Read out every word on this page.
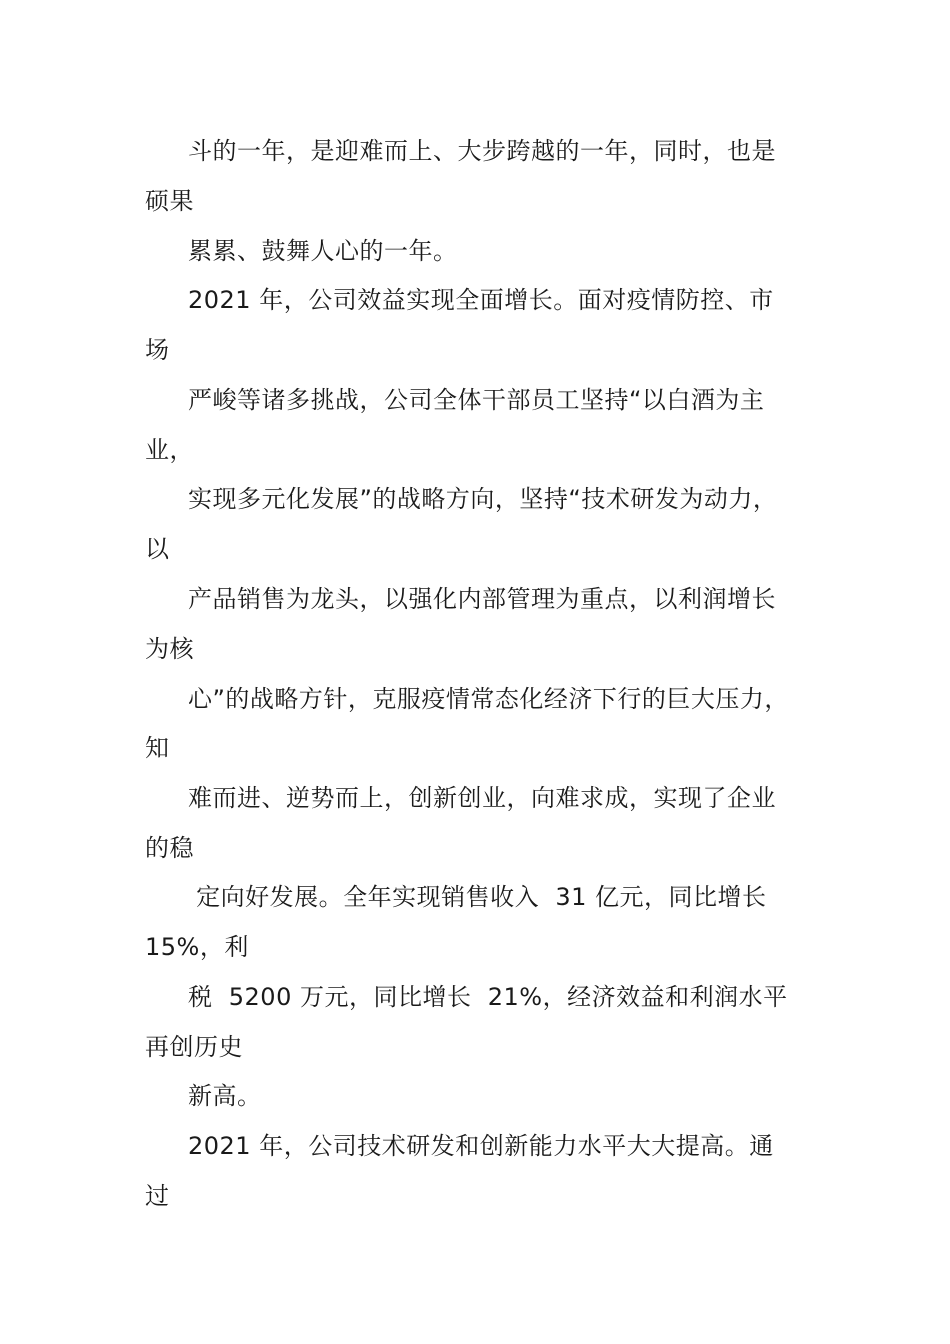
斗的一年，是迎难而上、大步跨越的一年，同时，也是
硕果
累累、鼓舞人心的一年。
2021 年，公司效益实现全面增长。面对疫情防控、市
场
严峻等诸多挑战，公司全体干部员工坚持“以白酒为主
业，
实现多元化发展”的战略方向，坚持“技术研发为动力，
以
产品销售为龙头，以强化内部管理为重点，以利润增长
为核
心”的战略方针，克服疫情常态化经济下行的巨大压力，
知
难而进、逆势而上，创新创业，向难求成，实现了企业
的稳
定向好发展。全年实现销售收入  31 亿元，同比增长
15%，利
税  5200 万元，同比增长  21%，经济效益和利润水平
再创历史
新高。
2021 年，公司技术研发和创新能力水平大大提高。通
过
